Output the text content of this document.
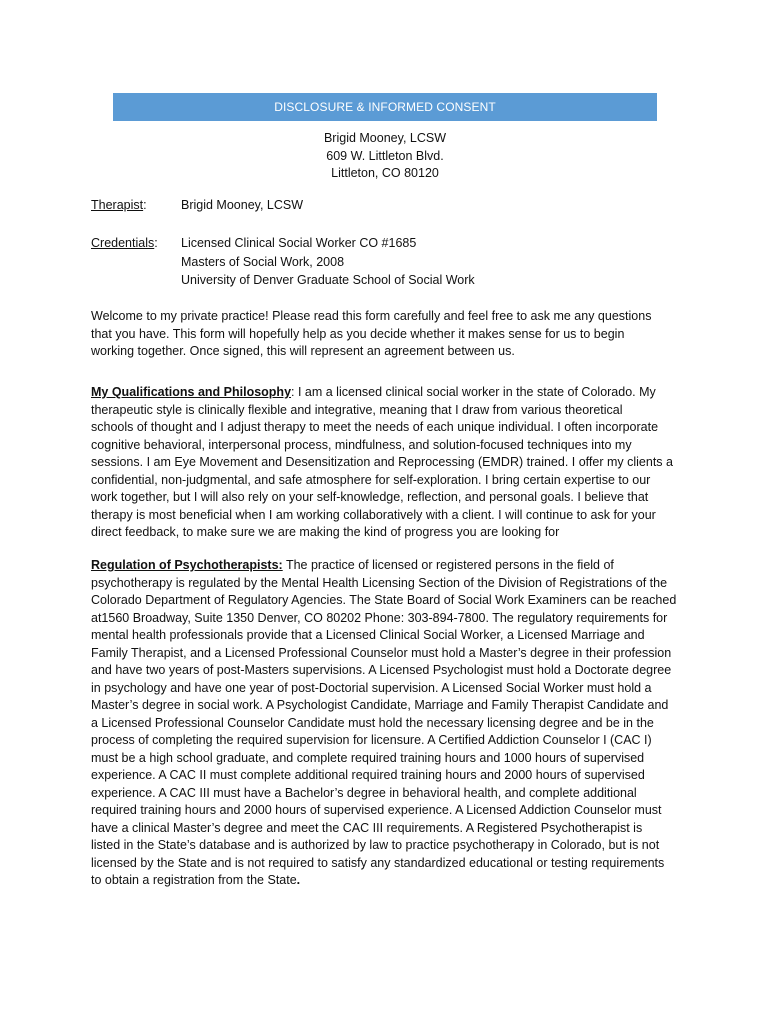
DISCLOSURE & INFORMED CONSENT
Brigid Mooney, LCSW
609 W. Littleton Blvd.
Littleton, CO 80120
Therapist:	Brigid Mooney, LCSW
Credentials:	Licensed Clinical Social Worker CO #1685
Masters of Social Work, 2008
University of Denver Graduate School of Social Work
Welcome to my private practice! Please read this form carefully and feel free to ask me any questions
that you have. This form will hopefully help as you decide whether it makes sense for us to begin
working together. Once signed, this will represent an agreement between us.
My Qualifications and Philosophy: I am a licensed clinical social worker in the state of Colorado. My
therapeutic style is clinically flexible and integrative, meaning that I draw from various theoretical
schools of thought and I adjust therapy to meet the needs of each unique individual. I often incorporate
cognitive behavioral, interpersonal process, mindfulness, and solution-focused techniques into my
sessions. I am Eye Movement and Desensitization and Reprocessing (EMDR) trained. I offer my clients a
confidential, non-judgmental, and safe atmosphere for self-exploration. I bring certain expertise to our
work together, but I will also rely on your self-knowledge, reflection, and personal goals. I believe that
therapy is most beneficial when I am working collaboratively with a client. I will continue to ask for your
direct feedback, to make sure we are making the kind of progress you are looking for
Regulation of Psychotherapists: The practice of licensed or registered persons in the field of
psychotherapy is regulated by the Mental Health Licensing Section of the Division of Registrations of the
Colorado Department of Regulatory Agencies. The State Board of Social Work Examiners can be reached
at1560 Broadway, Suite 1350 Denver, CO 80202 Phone: 303-894-7800. The regulatory requirements for
mental health professionals provide that a Licensed Clinical Social Worker, a Licensed Marriage and
Family Therapist, and a Licensed Professional Counselor must hold a Master’s degree in their profession
and have two years of post-Masters supervisions. A Licensed Psychologist must hold a Doctorate degree
in psychology and have one year of post-Doctorial supervision. A Licensed Social Worker must hold a
Master’s degree in social work. A Psychologist Candidate, Marriage and Family Therapist Candidate and
a Licensed Professional Counselor Candidate must hold the necessary licensing degree and be in the
process of completing the required supervision for licensure. A Certified Addiction Counselor I (CAC I)
must be a high school graduate, and complete required training hours and 1000 hours of supervised
experience. A CAC II must complete additional required training hours and 2000 hours of supervised
experience. A CAC III must have a Bachelor’s degree in behavioral health, and complete additional
required training hours and 2000 hours of supervised experience. A Licensed Addiction Counselor must
have a clinical Master’s degree and meet the CAC III requirements. A Registered Psychotherapist is
listed in the State’s database and is authorized by law to practice psychotherapy in Colorado, but is not
licensed by the State and is not required to satisfy any standardized educational or testing requirements
to obtain a registration from the State.
